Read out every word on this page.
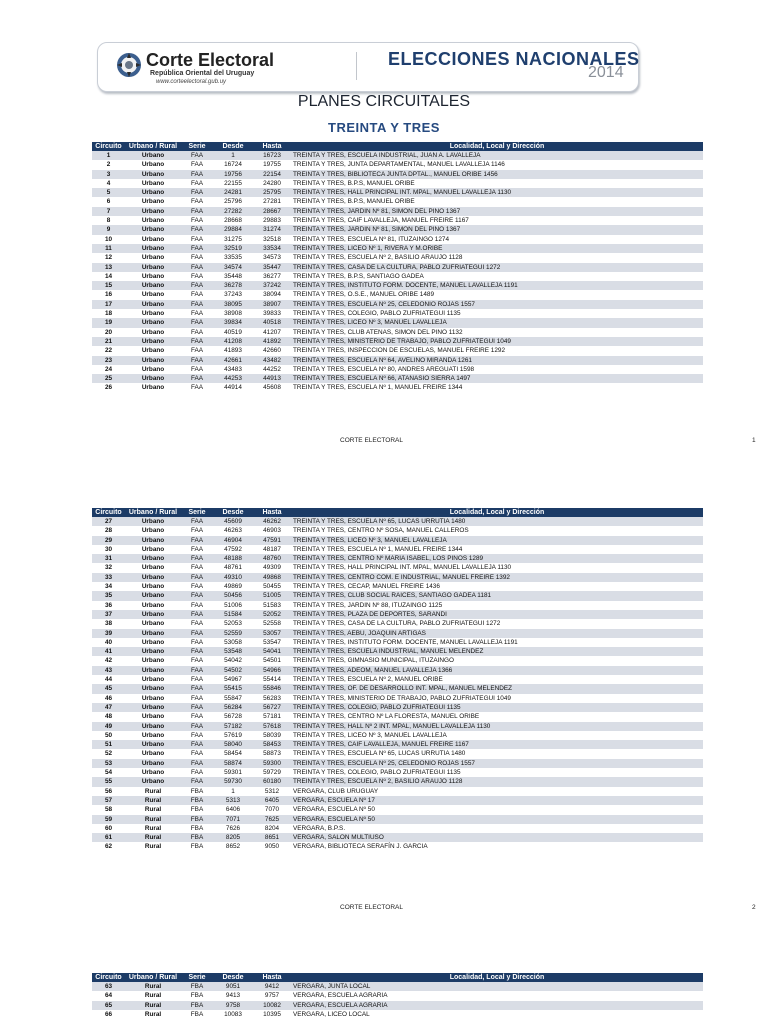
Corte Electoral
República Oriental del Uruguay
www.corteelectoral.gub.uy
ELECCIONES NACIONALES
2014
PLANES CIRCUITALES
TREINTA Y TRES
Circuito	Urbano / Rural	Serie	Desde	Hasta	Localidad, Local y Dirección
1	Urbano	FAA	1	16723	TREINTA Y TRES, ESCUELA INDUSTRIAL, JUAN A. LAVALLEJA
2	Urbano	FAA	16724	19755	TREINTA Y TRES, JUNTA DEPARTAMENTAL, MANUEL LAVALLEJA 1146
3	Urbano	FAA	19756	22154	TREINTA Y TRES, BIBLIOTECA JUNTA DPTAL., MANUEL ORIBE 1456
4	Urbano	FAA	22155	24280	TREINTA Y TRES, B.P.S, MANUEL ORIBE
5	Urbano	FAA	24281	25795	TREINTA Y TRES, HALL PRINCIPAL INT. MPAL, MANUEL LAVALLEJA 1130
6	Urbano	FAA	25796	27281	TREINTA Y TRES, B.P.S, MANUEL ORIBE
7	Urbano	FAA	27282	28667	TREINTA Y TRES, JARDIN Nº 81, SIMON DEL PINO 1367
8	Urbano	FAA	28668	29883	TREINTA Y TRES, CAIF LAVALLEJA, MANUEL FREIRE 1167
9	Urbano	FAA	29884	31274	TREINTA Y TRES, JARDIN Nº 81, SIMON DEL PINO 1367
10	Urbano	FAA	31275	32518	TREINTA Y TRES, ESCUELA Nº 81, ITUZAINGO 1274
11	Urbano	FAA	32519	33534	TREINTA Y TRES, LICEO Nº 1, RIVERA Y M.ORIBE
12	Urbano	FAA	33535	34573	TREINTA Y TRES, ESCUELA Nº 2, BASILIO ARAUJO 1128
13	Urbano	FAA	34574	35447	TREINTA Y TRES, CASA DE LA CULTURA, PABLO ZUFRIATEGUI 1272
14	Urbano	FAA	35448	36277	TREINTA Y TRES, B.P.S, SANTIAGO GADEA
15	Urbano	FAA	36278	37242	TREINTA Y TRES, INSTITUTO FORM. DOCENTE, MANUEL LAVALLEJA 1191
16	Urbano	FAA	37243	38094	TREINTA Y TRES, O.S.E., MANUEL ORIBE 1489
17	Urbano	FAA	38095	38907	TREINTA Y TRES, ESCUELA Nº 25, CELEDONIO ROJAS 1557
18	Urbano	FAA	38908	39833	TREINTA Y TRES, COLEGIO, PABLO ZUFRIATEGUI 1135
19	Urbano	FAA	39834	40518	TREINTA Y TRES, LICEO Nº 3, MANUEL LAVALLEJA
20	Urbano	FAA	40519	41207	TREINTA Y TRES, CLUB ATENAS, SIMON DEL PINO 1132
21	Urbano	FAA	41208	41892	TREINTA Y TRES, MINISTERIO DE TRABAJO, PABLO ZUFRIATEGUI 1049
22	Urbano	FAA	41893	42660	TREINTA Y TRES, INSPECCION DE ESCUELAS, MANUEL FREIRE 1292
23	Urbano	FAA	42661	43482	TREINTA Y TRES, ESCUELA Nº 64, AVELINO MIRANDA 1261
24	Urbano	FAA	43483	44252	TREINTA Y TRES, ESCUELA Nº 80, ANDRES AREGUATI 1598
25	Urbano	FAA	44253	44913	TREINTA Y TRES, ESCUELA Nº 66, ATANASIO SIERRA 1497
26	Urbano	FAA	44914	45608	TREINTA Y TRES, ESCUELA Nº 1, MANUEL FREIRE 1344
CORTE ELECTORAL	1
Circuito	Urbano / Rural	Serie	Desde	Hasta	Localidad, Local y Dirección
27	Urbano	FAA	45609	46262	TREINTA Y TRES, ESCUELA Nº 65, LUCAS URRUTIA 1480
28	Urbano	FAA	46263	46903	TREINTA Y TRES, CENTRO Nº SOSA, MANUEL CALLEROS
29	Urbano	FAA	46904	47591	TREINTA Y TRES, LICEO Nº 3, MANUEL LAVALLEJA
30	Urbano	FAA	47592	48187	TREINTA Y TRES, ESCUELA Nº 1, MANUEL FREIRE 1344
31	Urbano	FAA	48188	48760	TREINTA Y TRES, CENTRO Nº MARIA ISABEL, LOS PINOS 1289
32	Urbano	FAA	48761	49309	TREINTA Y TRES, HALL PRINCIPAL INT. MPAL, MANUEL LAVALLEJA 1130
33	Urbano	FAA	49310	49868	TREINTA Y TRES, CENTRO COM. E INDUSTRIAL, MANUEL FREIRE 1392
34	Urbano	FAA	49869	50455	TREINTA Y TRES, CECAP, MANUEL FREIRE 1436
35	Urbano	FAA	50456	51005	TREINTA Y TRES, CLUB SOCIAL RAICES, SANTIAGO GADEA 1181
36	Urbano	FAA	51006	51583	TREINTA Y TRES, JARDIN Nº 88, ITUZAINGO 1125
37	Urbano	FAA	51584	52052	TREINTA Y TRES, PLAZA DE DEPORTES, SARANDI
38	Urbano	FAA	52053	52558	TREINTA Y TRES, CASA DE LA CULTURA, PABLO ZUFRIATEGUI 1272
39	Urbano	FAA	52559	53057	TREINTA Y TRES, AEBU, JOAQUIN ARTIGAS
40	Urbano	FAA	53058	53547	TREINTA Y TRES, INSTITUTO FORM. DOCENTE, MANUEL LAVALLEJA 1191
41	Urbano	FAA	53548	54041	TREINTA Y TRES, ESCUELA INDUSTRIAL, MANUEL MELENDEZ
42	Urbano	FAA	54042	54501	TREINTA Y TRES, GIMNASIO MUNICIPAL, ITUZAINGO
43	Urbano	FAA	54502	54966	TREINTA Y TRES, ADEOM, MANUEL LAVALLEJA 1366
44	Urbano	FAA	54967	55414	TREINTA Y TRES, ESCUELA Nº 2, MANUEL ORIBE
45	Urbano	FAA	55415	55846	TREINTA Y TRES, OF. DE DESARROLLO INT. MPAL, MANUEL MELENDEZ
46	Urbano	FAA	55847	56283	TREINTA Y TRES, MINISTERIO DE TRABAJO, PABLO ZUFRIATEGUI 1049
47	Urbano	FAA	56284	56727	TREINTA Y TRES, COLEGIO, PABLO ZUFRIATEGUI 1135
48	Urbano	FAA	56728	57181	TREINTA Y TRES, CENTRO Nº LA FLORESTA, MANUEL ORIBE
49	Urbano	FAA	57182	57618	TREINTA Y TRES, HALL Nº 2 INT. MPAL, MANUEL LAVALLEJA 1130
50	Urbano	FAA	57619	58039	TREINTA Y TRES, LICEO Nº 3, MANUEL LAVALLEJA
51	Urbano	FAA	58040	58453	TREINTA Y TRES, CAIF LAVALLEJA, MANUEL FREIRE 1167
52	Urbano	FAA	58454	58873	TREINTA Y TRES, ESCUELA Nº 65, LUCAS URRUTIA 1480
53	Urbano	FAA	58874	59300	TREINTA Y TRES, ESCUELA Nº 25, CELEDONIO ROJAS 1557
54	Urbano	FAA	59301	59729	TREINTA Y TRES, COLEGIO, PABLO ZUFRIATEGUI 1135
55	Urbano	FAA	59730	60180	TREINTA Y TRES, ESCUELA Nº 2, BASILIO ARAUJO 1128
56	Rural	FBA	1	5312	VERGARA, CLUB URUGUAY
57	Rural	FBA	5313	6405	VERGARA, ESCUELA Nº 17
58	Rural	FBA	6406	7070	VERGARA, ESCUELA Nº 50
59	Rural	FBA	7071	7625	VERGARA, ESCUELA Nº 50
60	Rural	FBA	7626	8204	VERGARA, B.P.S.
61	Rural	FBA	8205	8651	VERGARA, SALON MULTIUSO
62	Rural	FBA	8652	9050	VERGARA, BIBLIOTECA SERAFÍN J. GARCIA
CORTE ELECTORAL	2
Circuito	Urbano / Rural	Serie	Desde	Hasta	Localidad, Local y Dirección
63	Rural	FBA	9051	9412	VERGARA, JUNTA LOCAL
64	Rural	FBA	9413	9757	VERGARA, ESCUELA AGRARIA
65	Rural	FBA	9758	10082	VERGARA, ESCUELA AGRARIA
66	Rural	FBA	10083	10395	VERGARA, LICEO LOCAL
